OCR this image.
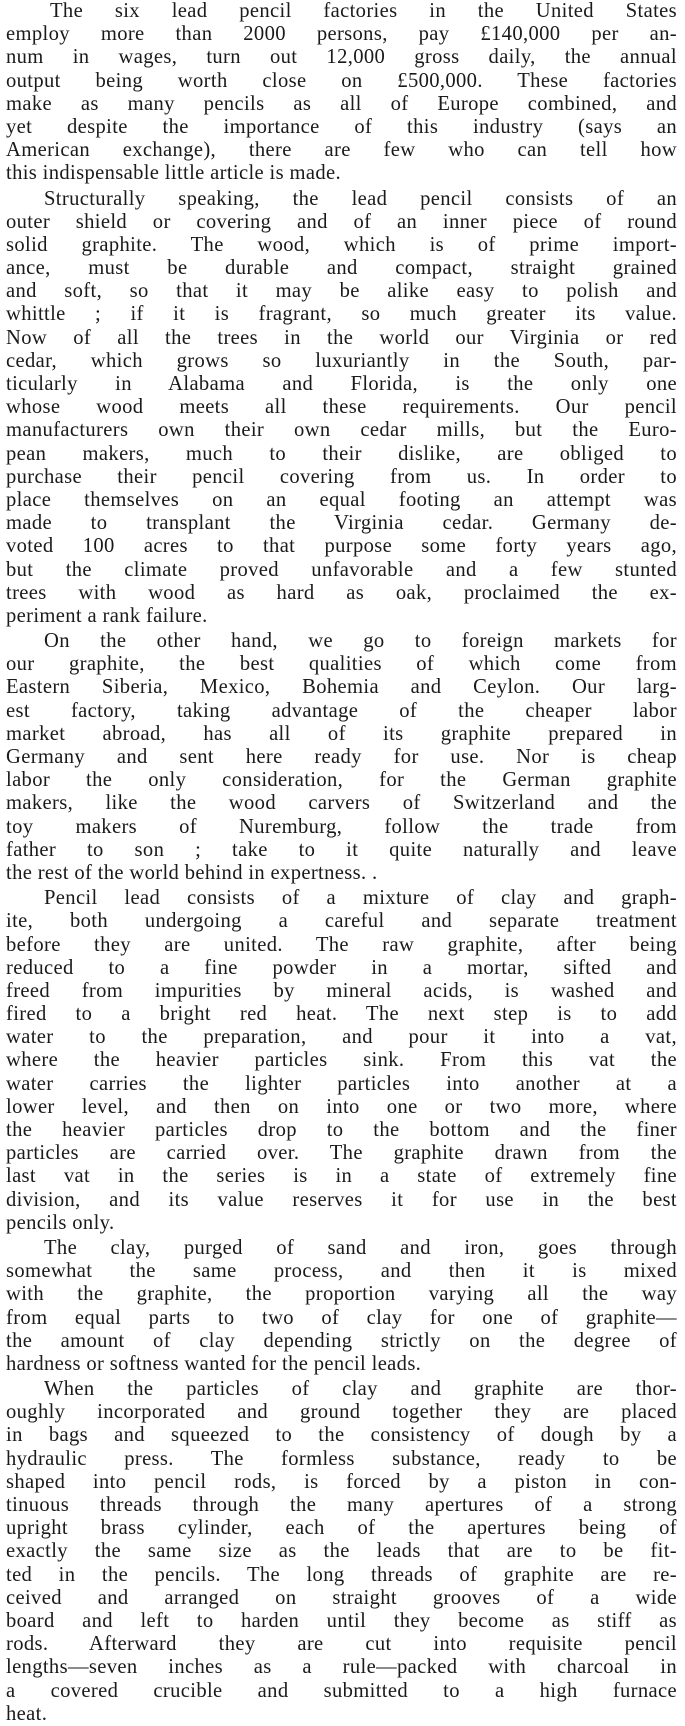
The six lead pencil factories in the United States
employ more than 2000 persons, pay £140,000 per an-
num in wages, turn out 12,000 gross daily, the annual
output being worth close on £500,000. These factories
make as many pencils as all of Europe combined, and
yet despite the importance of this industry (says an
American exchange), there are few who can tell how
this indispensable little article is made.
Structurally speaking, the lead pencil consists of an
outer shield or covering and of an inner piece of round
solid graphite. The wood, which is of prime import-
ance, must be durable and compact, straight grained
and soft, so that it may be alike easy to polish and
whittle ; if it is fragrant, so much greater its value.
Now of all the trees in the world our Virginia or red
cedar, which grows so luxuriantly in the South, par-
ticularly in Alabama and Florida, is the only one
whose wood meets all these requirements. Our pencil
manufacturers own their own cedar mills, but the Euro-
pean makers, much to their dislike, are obliged to
purchase their pencil covering from us. In order to
place themselves on an equal footing an attempt was
made to transplant the Virginia cedar. Germany de-
voted 100 acres to that purpose some forty years ago,
but the climate proved unfavorable and a few stunted
trees with wood as hard as oak, proclaimed the ex-
periment a rank failure.
On the other hand, we go to foreign markets for
our graphite, the best qualities of which come from
Eastern Siberia, Mexico, Bohemia and Ceylon. Our larg-
est factory, taking advantage of the cheaper labor
market abroad, has all of its graphite prepared in
Germany and sent here ready for use. Nor is cheap
labor the only consideration, for the German graphite
makers, like the wood carvers of Switzerland and the
toy makers of Nuremburg, follow the trade from
father to son ; take to it quite naturally and leave
the rest of the world behind in expertness. .
Pencil lead consists of a mixture of clay and graph-
ite, both undergoing a careful and separate treatment
before they are united. The raw graphite, after being
reduced to a fine powder in a mortar, sifted and
freed from impurities by mineral acids, is washed and
fired to a bright red heat. The next step is to add
water to the preparation, and pour it into a vat,
where the heavier particles sink. From this vat the
water carries the lighter particles into another at a
lower level, and then on into one or two more, where
the heavier particles drop to the bottom and the finer
particles are carried over. The graphite drawn from the
last vat in the series is in a state of extremely fine
division, and its value reserves it for use in the best
pencils only.
The clay, purged of sand and iron, goes through
somewhat the same process, and then it is mixed
with the graphite, the proportion varying all the way
from equal parts to two of clay for one of graphite—
the amount of clay depending strictly on the degree of
hardness or softness wanted for the pencil leads.
When the particles of clay and graphite are thor-
oughly incorporated and ground together they are placed
in bags and squeezed to the consistency of dough by a
hydraulic press. The formless substance, ready to be
shaped into pencil rods, is forced by a piston in con-
tinuous threads through the many apertures of a strong
upright brass cylinder, each of the apertures being of
exactly the same size as the leads that are to be fit-
ted in the pencils. The long threads of graphite are re-
ceived and arranged on straight grooves of a wide
board and left to harden until they become as stiff as
rods. Afterward they are cut into requisite pencil
lengths—seven inches as a rule—packed with charcoal in
a covered crucible and submitted to a high furnace
heat.
